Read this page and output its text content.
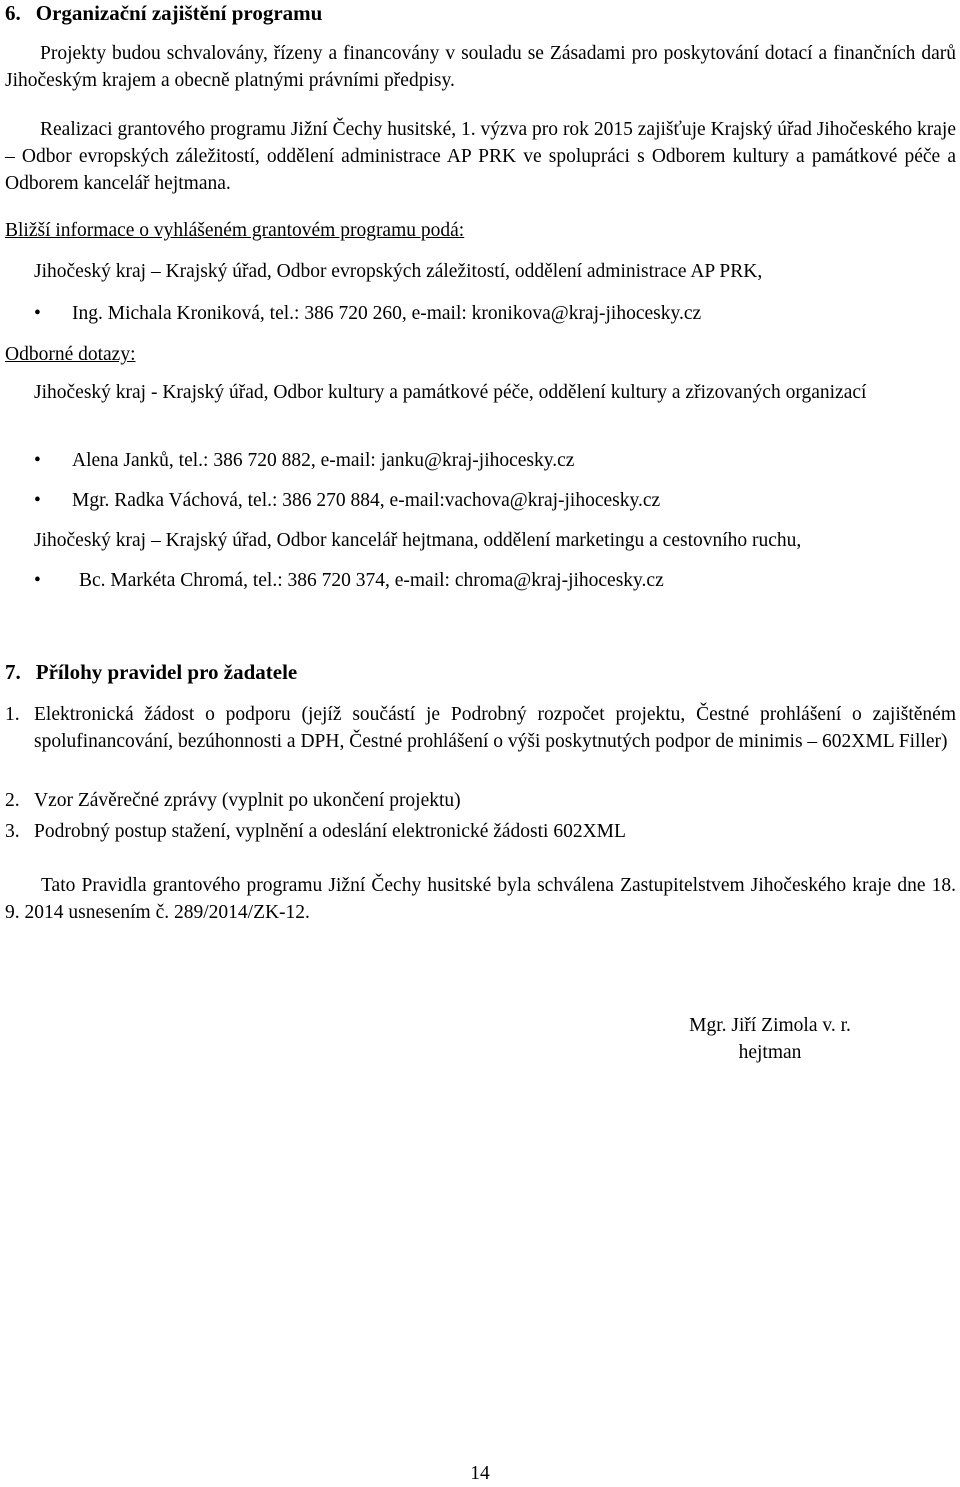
6. Organizační zajištění programu
Projekty budou schvalovány, řízeny a financovány v souladu se Zásadami pro poskytování dotací a finančních darů Jihočeským krajem a obecně platnými právními předpisy.
Realizaci grantového programu Jižní Čechy husitské, 1. výzva pro rok 2015 zajišťuje Krajský úřad Jihočeského kraje – Odbor evropských záležitostí, oddělení administrace AP PRK ve spolupráci s Odborem kultury a památkové péče a Odborem kancelář hejtmana.
Bližší informace o vyhlášeném grantovém programu podá:
Jihočeský kraj – Krajský úřad, Odbor evropských záležitostí, oddělení administrace AP PRK,
• Ing. Michala Kroniková, tel.: 386 720 260, e-mail: kronikova@kraj-jihocesky.cz
Odborné dotazy:
Jihočeský kraj - Krajský úřad, Odbor kultury a památkové péče, oddělení kultury a zřizovaných organizací
• Alena Janků, tel.: 386 720 882, e-mail: janku@kraj-jihocesky.cz
• Mgr. Radka Váchová, tel.: 386 270 884, e-mail:vachova@kraj-jihocesky.cz
Jihočeský kraj – Krajský úřad, Odbor kancelář hejtmana, oddělení marketingu a cestovního ruchu,
• Bc. Markéta Chromá, tel.: 386 720 374, e-mail: chroma@kraj-jihocesky.cz
7. Přílohy pravidel pro žadatele
1. Elektronická žádost o podporu (jejíž součástí je Podrobný rozpočet projektu, Čestné prohlášení o zajištěném spolufinancování, bezúhonnosti a DPH, Čestné prohlášení o výši poskytnutých podpor de minimis – 602XML Filler)
2. Vzor Závěrečné zprávy (vyplnit po ukončení projektu)
3. Podrobný postup stažení, vyplnění a odeslání elektronické žádosti 602XML
Tato Pravidla grantového programu Jižní Čechy husitské byla schválena Zastupitelstvem Jihočeského kraje dne 18. 9. 2014 usnesením č. 289/2014/ZK-12.
Mgr. Jiří Zimola v. r.
hejtman
14
